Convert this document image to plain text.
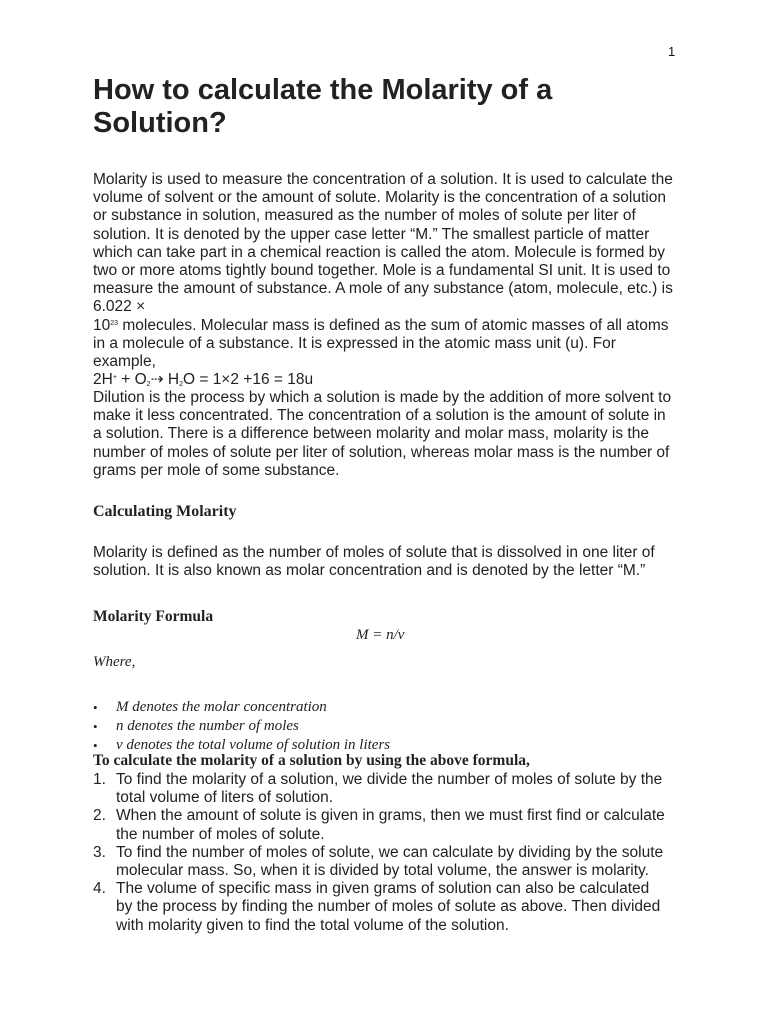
1
How to calculate the Molarity of a Solution?

Molarity is used to measure the concentration of a solution. It is used to calculate the volume of solvent or the amount of solute. Molarity is the concentration of a solution or substance in solution, measured as the number of moles of solute per liter of solution. It is denoted by the upper case letter “M.” The smallest particle of matter which can take part in a chemical reaction is called the atom. Molecule is formed by two or more atoms tightly bound together. Mole is a fundamental SI unit. It is used to measure the amount of substance. A mole of any substance (atom, molecule, etc.) is 6.022 ×
$10^{23}$ molecules. Molecular mass is defined as the sum of atomic masses of all atoms in a molecule of a substance. It is expressed in the atomic mass unit (u). For example,
$2H^+ + O_2⇢$ $H_2O = 1\times 2 +16 = 18u$

Dilution is the process by which a solution is made by the addition of more solvent to make it less concentrated. The concentration of a solution is the amount of solute in a solution. There is a difference between molarity and molar mass, molarity is the number of moles of solute per liter of solution, whereas molar mass is the number of grams per mole of some substance.

Calculating Molarity

Molarity is defined as the number of moles of solute that is dissolved in one liter of solution. It is also known as molar concentration and is denoted by the letter “M.”

Molarity Formula
M = n/v
Where,
• M denotes the molar concentration
• n denotes the number of moles
• v denotes the total volume of solution in liters
To calculate the molarity of a solution by using the above formula,
1. To find the molarity of a solution, we divide the number of moles of solute by the total volume of liters of solution.
2. When the amount of solute is given in grams, then we must first find or calculate the number of moles of solute.
3. To find the number of moles of solute, we can calculate by dividing by the solute molecular mass. So, when it is divided by total volume, the answer is molarity.
4. The volume of specific mass in given grams of solution can also be calculated by the process by finding the number of moles of solute as above. Then divided with molarity given to find the total volume of the solution.
